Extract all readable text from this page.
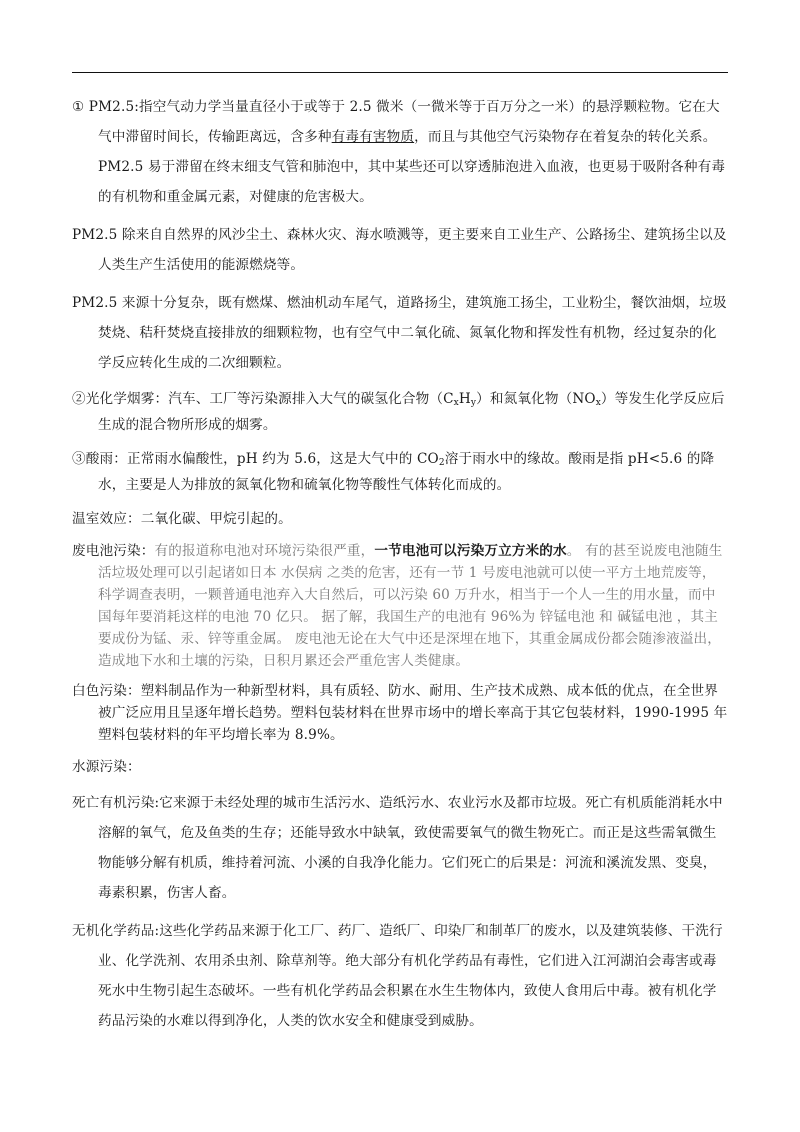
① PM2.5:指空气动力学当量直径小于或等于 2.5 微米（一微米等于百万分之一米）的悬浮颗粒物。它在大气中滞留时间长，传输距离远，含多种有毒有害物质，而且与其他空气污染物存在着复杂的转化关系。PM2.5 易于滞留在终末细支气管和肺泡中，其中某些还可以穿透肺泡进入血液，也更易于吸附各种有毒的有机物和重金属元素，对健康的危害极大。

PM2.5 除来自自然界的风沙尘土、森林火灾、海水喷溅等，更主要来自工业生产、公路扬尘、建筑扬尘以及人类生产生活使用的能源燃烧等。

PM2.5 来源十分复杂，既有燃煤、燃油机动车尾气，道路扬尘，建筑施工扬尘，工业粉尘，餐饮油烟，垃圾焚烧、秸秆焚烧直接排放的细颗粒物，也有空气中二氧化硫、氮氧化物和挥发性有机物，经过复杂的化学反应转化生成的二次细颗粒。

②光化学烟雾：汽车、工厂等污染源排入大气的碳氢化合物$(C_xH_y)$和氮氧化物$(NO_x)$等发生化学反应后生成的混合物所形成的烟雾。

③酸雨：正常雨水偏酸性，pH 约为 5.6，这是大气中的 $CO_2$溶于雨水中的缘故。酸雨是指 pH<5.6 的降水，主要是人为排放的氮氧化物和硫氧化物等酸性气体转化而成的。

温室效应：二氧化碳、甲烷引起的。

废电池污染：有的报道称电池对环境污染很严重，一节电池可以污染万立方米的水。 有的甚至说废电池随生活垃圾处理可以引起诸如日本 水俣病 之类的危害，还有一节 1 号废电池就可以使一平方土地荒废等，科学调查表明，一颗普通电池弃入大自然后，可以污染 60 万升水，相当于一个人一生的用水量，而中国每年要消耗这样的电池 70 亿只。 据了解，我国生产的电池有 96%为 锌锰电池 和 碱锰电池 ，其主要成份为锰、汞、锌等重金属。 废电池无论在大气中还是深埋在地下，其重金属成份都会随渗液溢出，造成地下水和土壤的污染，日积月累还会严重危害人类健康。

白色污染：塑料制品作为一种新型材料，具有质轻、防水、耐用、生产技术成熟、成本低的优点，在全世界被广泛应用且呈逐年增长趋势。塑料包装材料在世界市场中的增长率高于其它包装材料，1990-1995 年塑料包装材料的年平均增长率为 8.9%。

水源污染：

死亡有机污染:它来源于未经处理的城市生活污水、造纸污水、农业污水及都市垃圾。死亡有机质能消耗水中溶解的氧气，危及鱼类的生存；还能导致水中缺氧，致使需要氧气的微生物死亡。而正是这些需氧微生物能够分解有机质，维持着河流、小溪的自我净化能力。它们死亡的后果是：河流和溪流发黑、变臭，毒素积累，伤害人畜。

无机化学药品:这些化学药品来源于化工厂、药厂、造纸厂、印染厂和制革厂的废水，以及建筑装修、干洗行业、化学洗剂、农用杀虫剂、除草剂等。绝大部分有机化学药品有毒性，它们进入江河湖泊会毒害或毒死水中生物引起生态破坏。一些有机化学药品会积累在水生生物体内，致使人食用后中毒。被有机化学药品污染的水难以得到净化，人类的饮水安全和健康受到威胁。
